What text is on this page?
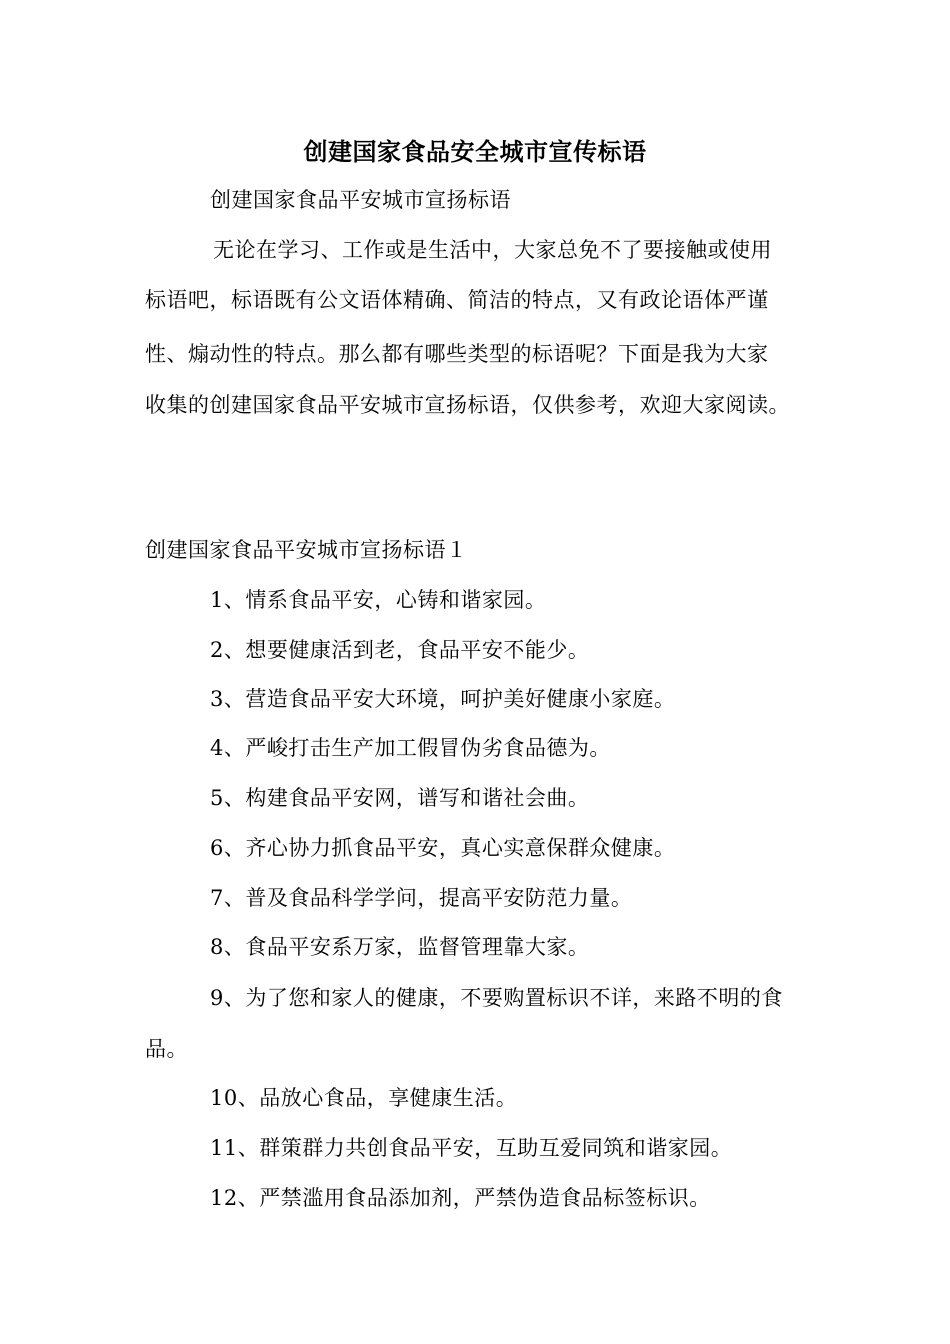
创建国家食品安全城市宣传标语
创建国家食品平安城市宣扬标语
无论在学习、工作或是生活中，大家总免不了要接触或使用
标语吧，标语既有公文语体精确、简洁的特点，又有政论语体严谨
性、煽动性的特点。那么都有哪些类型的标语呢？下面是我为大家
收集的创建国家食品平安城市宣扬标语，仅供参考，欢迎大家阅读。
创建国家食品平安城市宣扬标语１
1、情系食品平安，心铸和谐家园。
2、想要健康活到老，食品平安不能少。
3、营造食品平安大环境，呵护美好健康小家庭。
4、严峻打击生产加工假冒伪劣食品德为。
5、构建食品平安网，谱写和谐社会曲。
6、齐心协力抓食品平安，真心实意保群众健康。
7、普及食品科学学问，提高平安防范力量。
8、食品平安系万家，监督管理靠大家。
9、为了您和家人的健康，不要购置标识不详，来路不明的食
品。
10、品放心食品，享健康生活。
11、群策群力共创食品平安，互助互爱同筑和谐家园。
12、严禁滥用食品添加剂，严禁伪造食品标签标识。
